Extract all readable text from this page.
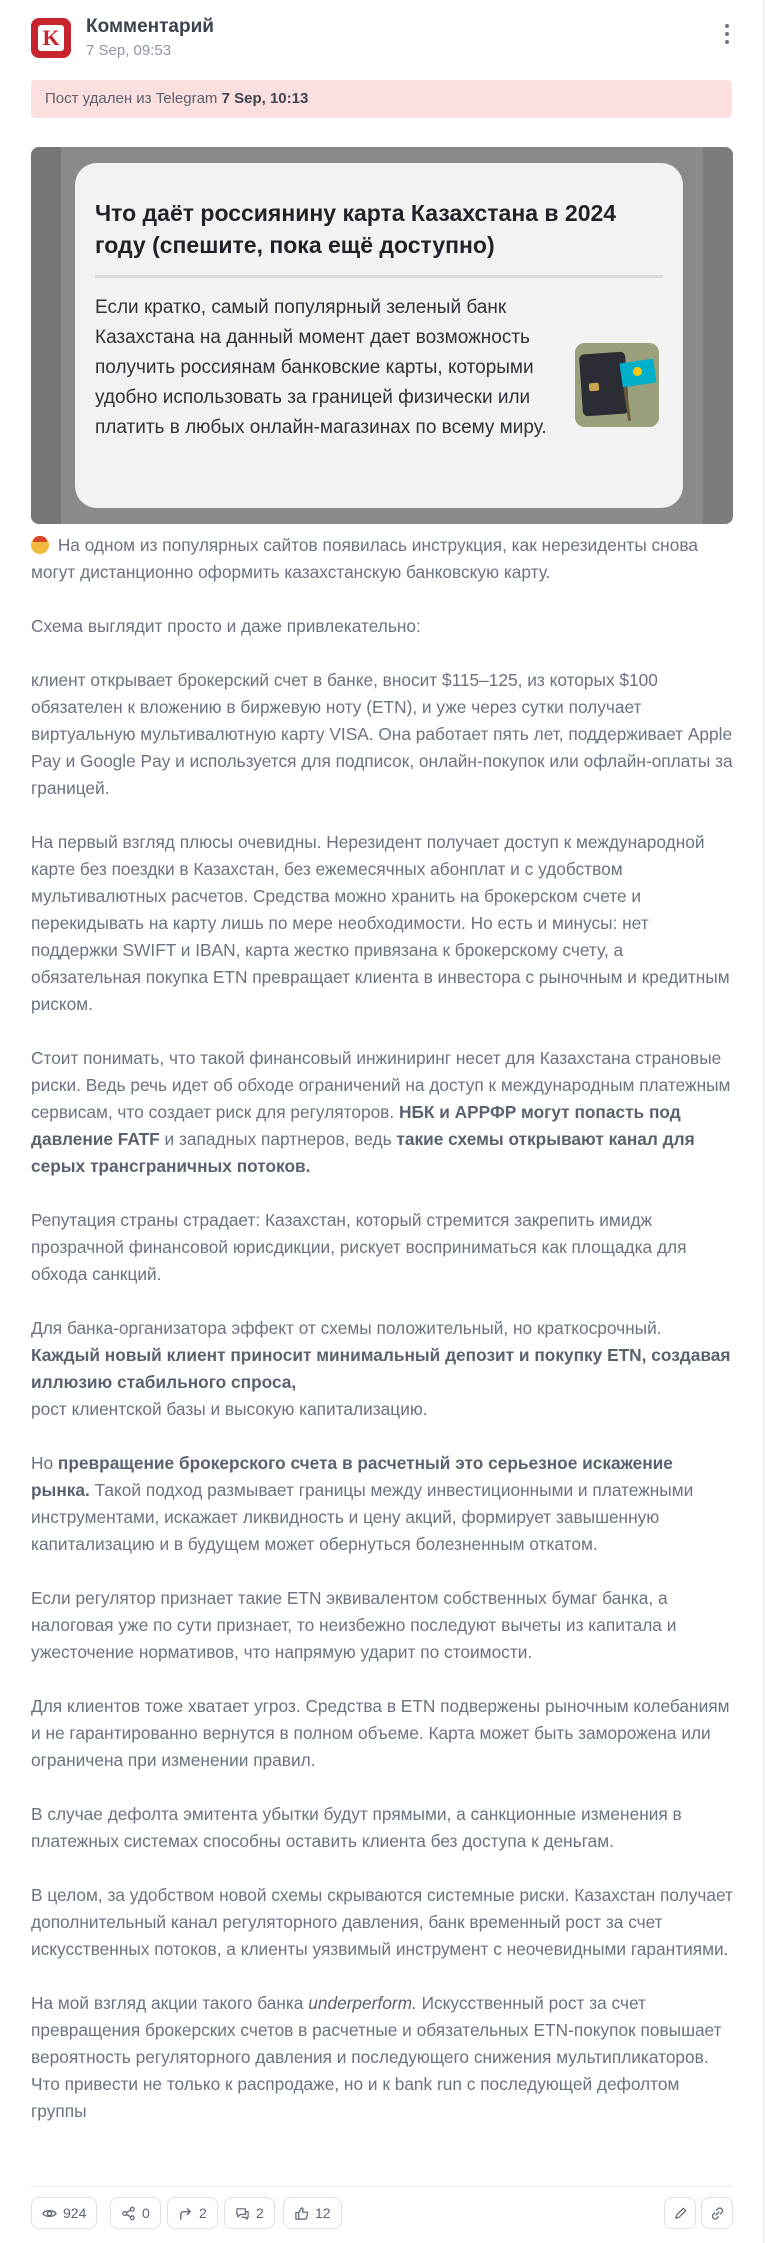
K Комментарий
7 Sep, 09:53
Пост удален из Telegram 7 Sep, 10:13
Что даёт россиянину карта Казахстана в 2024 году (спешите, пока ещё доступно)

Если кратко, самый популярный зеленый банк Казахстана на данный момент дает возможность получить россиянам банковские карты, которыми удобно использовать за границей физически или платить в любых онлайн-магазинах по всему миру.

На одном из популярных сайтов появилась инструкция, как нерезиденты снова могут дистанционно оформить казахстанскую банковскую карту.

Схема выглядит просто и даже привлекательно:

клиент открывает брокерский счет в банке, вносит $115–125, из которых $100 обязателен к вложению в биржевую ноту (ETN), и уже через сутки получает виртуальную мультивалютную карту VISA. Она работает пять лет, поддерживает Apple Pay и Google Pay и используется для подписок, онлайн-покупок или офлайн-оплаты за границей.

На первый взгляд плюсы очевидны. Нерезидент получает доступ к международной карте без поездки в Казахстан, без ежемесячных абонплат и с удобством мультивалютных расчетов. Средства можно хранить на брокерском счете и перекидывать на карту лишь по мере необходимости. Но есть и минусы: нет поддержки SWIFT и IBAN, карта жестко привязана к брокерскому счету, а обязательная покупка ETN превращает клиента в инвестора с рыночным и кредитным риском.

Стоит понимать, что такой финансовый инжиниринг несет для Казахстана страновые риски. Ведь речь идет об обходе ограничений на доступ к международным платежным сервисам, что создает риск для регуляторов. НБК и АРРФР могут попасть под давление FATF и западных партнеров, ведь такие схемы открывают канал для серых трансграничных потоков.

Репутация страны страдает: Казахстан, который стремится закрепить имидж прозрачной финансовой юрисдикции, рискует восприниматься как площадка для обхода санкций.

Для банка-организатора эффект от схемы положительный, но краткосрочный.
Каждый новый клиент приносит минимальный депозит и покупку ETN, создавая иллюзию стабильного спроса,
рост клиентской базы и высокую капитализацию.

Но превращение брокерского счета в расчетный это серьезное искажение рынка. Такой подход размывает границы между инвестиционными и платежными инструментами, искажает ликвидность и цену акций, формирует завышенную капитализацию и в будущем может обернуться болезненным откатом.

Если регулятор признает такие ETN эквивалентом собственных бумаг банка, а налоговая уже по сути признает, то неизбежно последуют вычеты из капитала и ужесточение нормативов, что напрямую ударит по стоимости.

Для клиентов тоже хватает угроз. Средства в ETN подвержены рыночным колебаниям и не гарантированно вернутся в полном объеме. Карта может быть заморожена или ограничена при изменении правил.

В случае дефолта эмитента убытки будут прямыми, а санкционные изменения в платежных системах способны оставить клиента без доступа к деньгам.

В целом, за удобством новой схемы скрываются системные риски. Казахстан получает дополнительный канал регуляторного давления, банк временный рост за счет искусственных потоков, а клиенты уязвимый инструмент с неочевидными гарантиями.

На мой взгляд акции такого банка underperform. Искусственный рост за счет превращения брокерских счетов в расчетные и обязательных ETN-покупок повышает вероятность регуляторного давления и последующего снижения мультипликаторов. Что привести не только к распродаже, но и к bank run с последующей дефолтом группы

924	0	2	2	12
